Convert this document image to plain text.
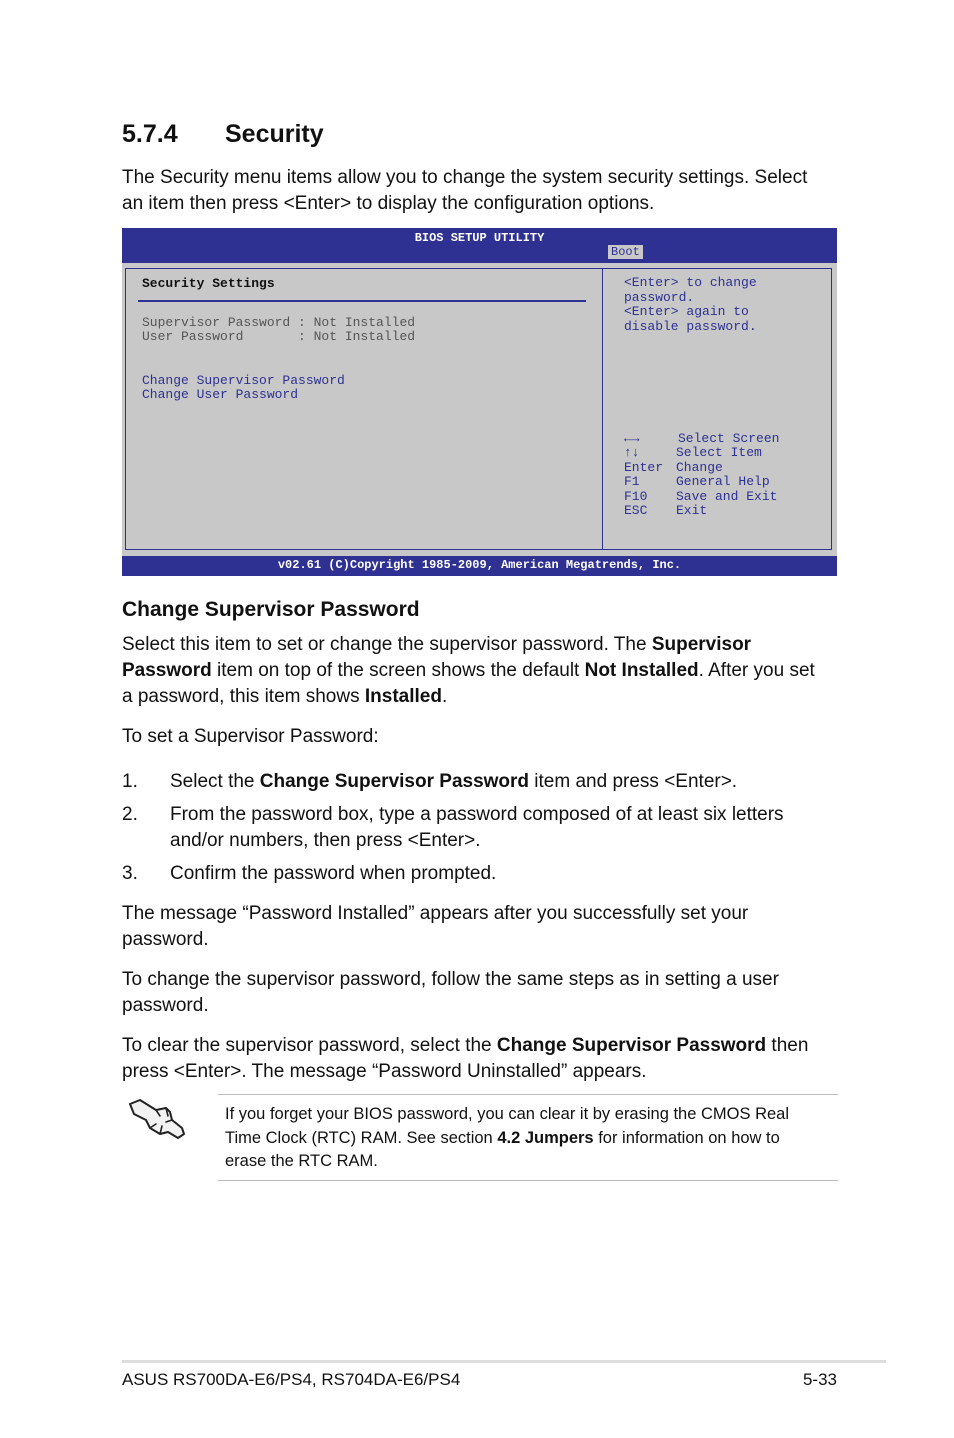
5.7.4 Security
The Security menu items allow you to change the system security settings. Select
an item then press <Enter> to display the configuration options.
BIOS SETUP UTILITY
Boot
Security Settings
Supervisor Password : Not Installed
User Password       : Not Installed
Change Supervisor Password
Change User Password
<Enter> to change
password.
<Enter> again to
disable password.
←→	Select Screen
↑↓	Select Item
Enter Change
F1	General Help
F10 Save and Exit
ESC Exit
v02.61 (C)Copyright 1985-2009, American Megatrends, Inc.
Change Supervisor Password
Select this item to set or change the supervisor password. The Supervisor
Password item on top of the screen shows the default Not Installed. After you set
a password, this item shows Installed.
To set a Supervisor Password:
1. Select the Change Supervisor Password item and press <Enter>.
2. From the password box, type a password composed of at least six letters
and/or numbers, then press <Enter>.
3. Confirm the password when prompted.
The message “Password Installed” appears after you successfully set your
password.
To change the supervisor password, follow the same steps as in setting a user
password.
To clear the supervisor password, select the Change Supervisor Password then
press <Enter>. The message “Password Uninstalled” appears.
If you forget your BIOS password, you can clear it by erasing the CMOS Real
Time Clock (RTC) RAM. See section 4.2 Jumpers for information on how to
erase the RTC RAM.
ASUS RS700DA-E6/PS4, RS704DA-E6/PS4	5-33
